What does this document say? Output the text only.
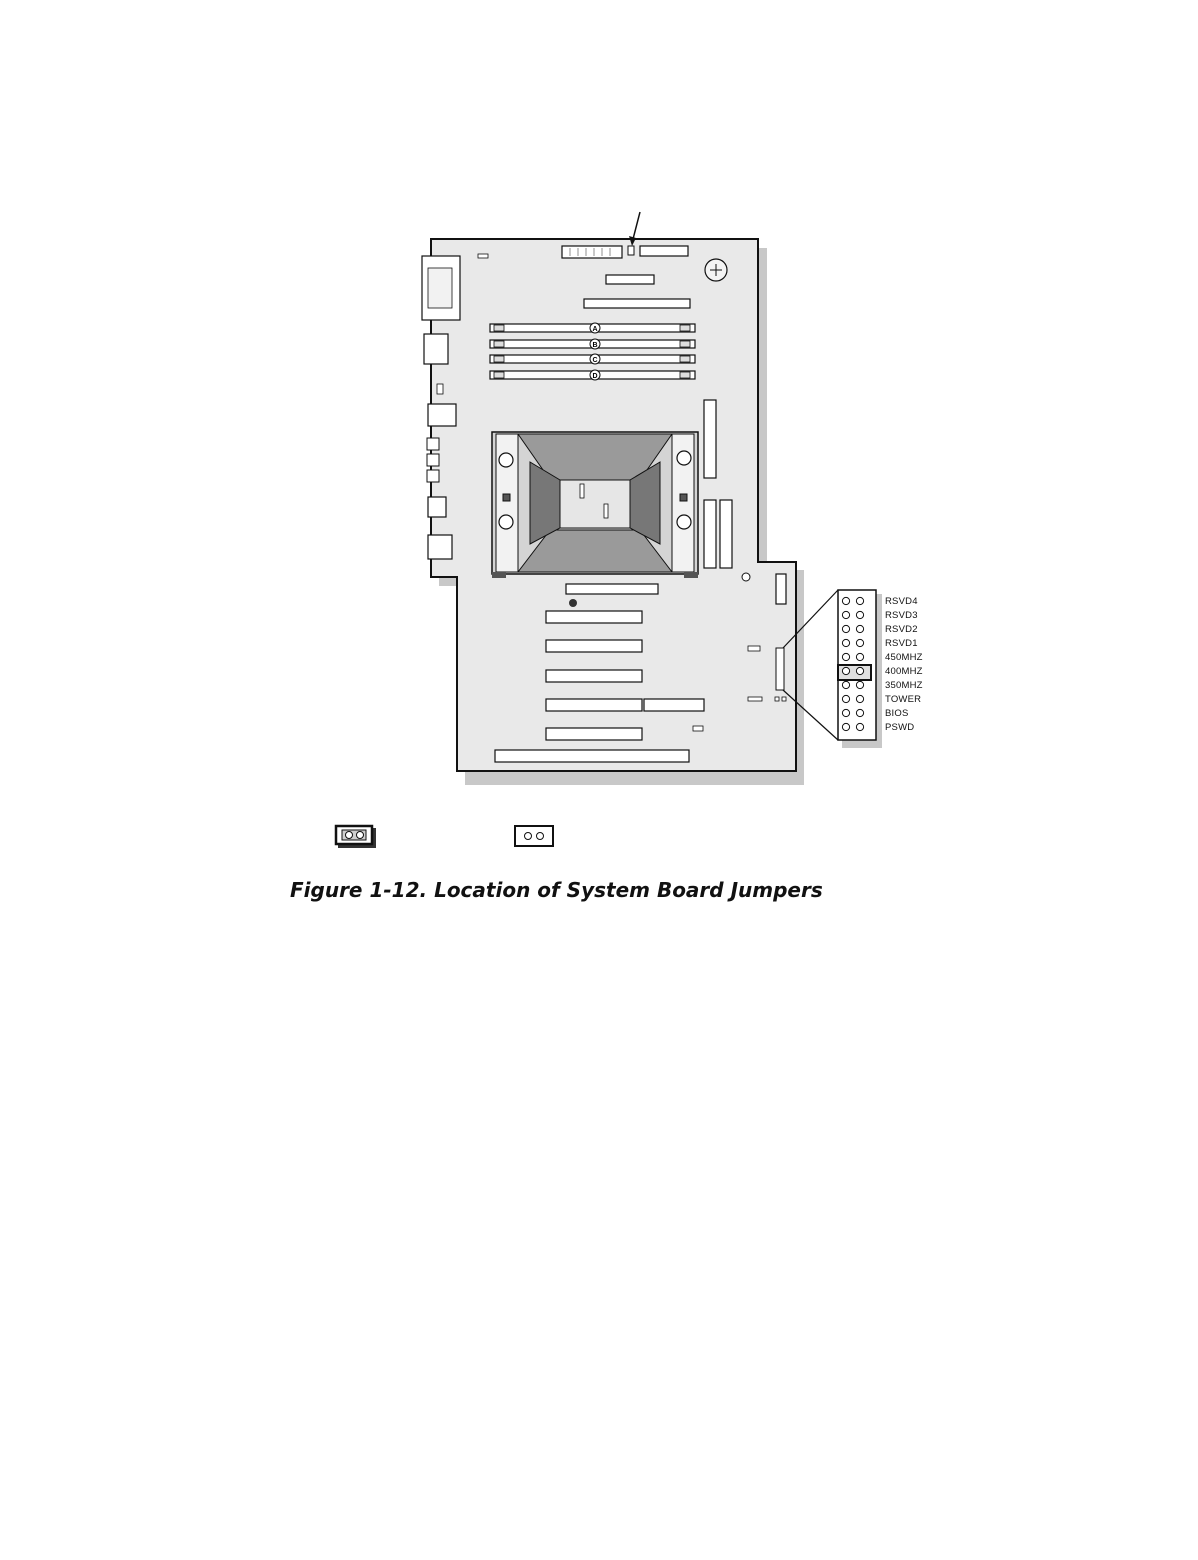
A
B
C
D
RSVD4
RSVD3
RSVD2
RSVD1
450MHZ
400MHZ
350MHZ
TOWER
BIOS
PSWD

Figure 1-12. Location of System Board Jumpers
